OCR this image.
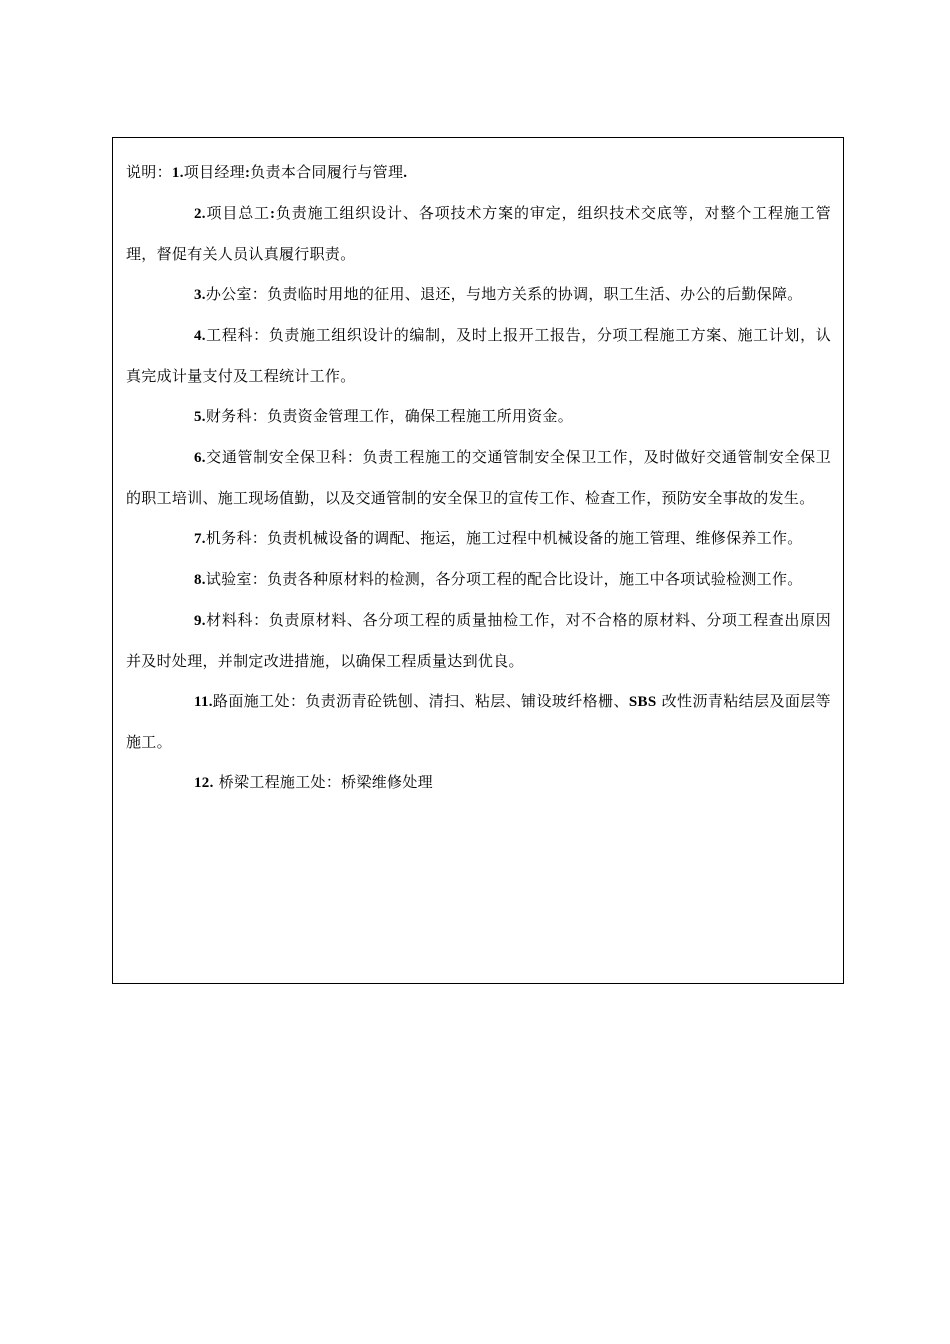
说明：1.项目经理:负责本合同履行与管理.

2.项目总工:负责施工组织设计、各项技术方案的审定，组织技术交底等，对整个工程施工管理，督促有关人员认真履行职责。

3.办公室：负责临时用地的征用、退还，与地方关系的协调，职工生活、办公的后勤保障。

4.工程科：负责施工组织设计的编制，及时上报开工报告，分项工程施工方案、施工计划，认真完成计量支付及工程统计工作。

5.财务科：负责资金管理工作，确保工程施工所用资金。

6.交通管制安全保卫科：负责工程施工的交通管制安全保卫工作，及时做好交通管制安全保卫的职工培训、施工现场值勤，以及交通管制的安全保卫的宣传工作、检查工作，预防安全事故的发生。

7.机务科：负责机械设备的调配、拖运，施工过程中机械设备的施工管理、维修保养工作。

8.试验室：负责各种原材料的检测，各分项工程的配合比设计，施工中各项试验检测工作。

9.材料科：负责原材料、各分项工程的质量抽检工作，对不合格的原材料、分项工程查出原因并及时处理，并制定改进措施，以确保工程质量达到优良。

11.路面施工处：负责沥青砼铣刨、清扫、粘层、铺设玻纤格栅、SBS 改性沥青粘结层及面层等施工。

12. 桥梁工程施工处：桥梁维修处理
